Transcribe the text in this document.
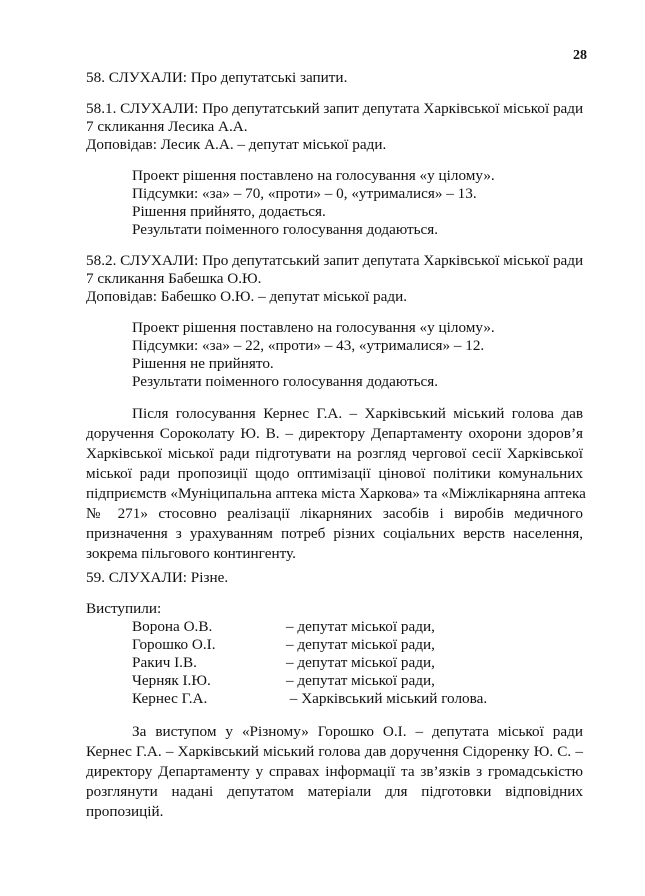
28
58. СЛУХАЛИ: Про депутатські запити.
58.1. СЛУХАЛИ: Про депутатський запит депутата Харківської міської ради
7 скликання Лесика А.А.
Доповідав: Лесик А.А. – депутат міської ради.
Проект рішення поставлено на голосування «у цілому».
Підсумки: «за» – 70, «проти» – 0, «утрималися» – 13.
Рішення прийнято, додається.
Результати поіменного голосування додаються.
58.2. СЛУХАЛИ: Про депутатський запит депутата Харківської міської ради
7 скликання Бабешка О.Ю.
Доповідав: Бабешко О.Ю. – депутат міської ради.
Проект рішення поставлено на голосування «у цілому».
Підсумки: «за» – 22, «проти» – 43, «утрималися» – 12.
Рішення не прийнято.
Результати поіменного голосування додаються.
Після голосування Кернес Г.А. – Харківський міський голова дав
доручення Сороколату Ю. В. – директору Департаменту охорони здоров’я
Харківської міської ради підготувати на розгляд чергової сесії Харківської
міської ради пропозиції щодо оптимізації цінової політики комунальних
підприємств «Муніципальна аптека міста Харкова» та «Міжлікарняна аптека
№ 271» стосовно реалізації лікарняних засобів і виробів медичного
призначення з урахуванням потреб різних соціальних верств населення,
зокрема пільгового контингенту.
59. СЛУХАЛИ: Різне.
Виступили:
Ворона О.В.	– депутат міської ради,
Горошко О.І.	– депутат міської ради,
Ракич І.В.	– депутат міської ради,
Черняк І.Ю.	– депутат міської ради,
Кернес Г.А.	– Харківський міський голова.
За виступом у «Різному» Горошко О.І. – депутата міської ради
Кернес Г.А. – Харківський міський голова дав доручення Сідоренку Ю. С. –
директору Департаменту у справах інформації та зв’язків з громадськістю
розглянути надані депутатом матеріали для підготовки відповідних
пропозицій.
